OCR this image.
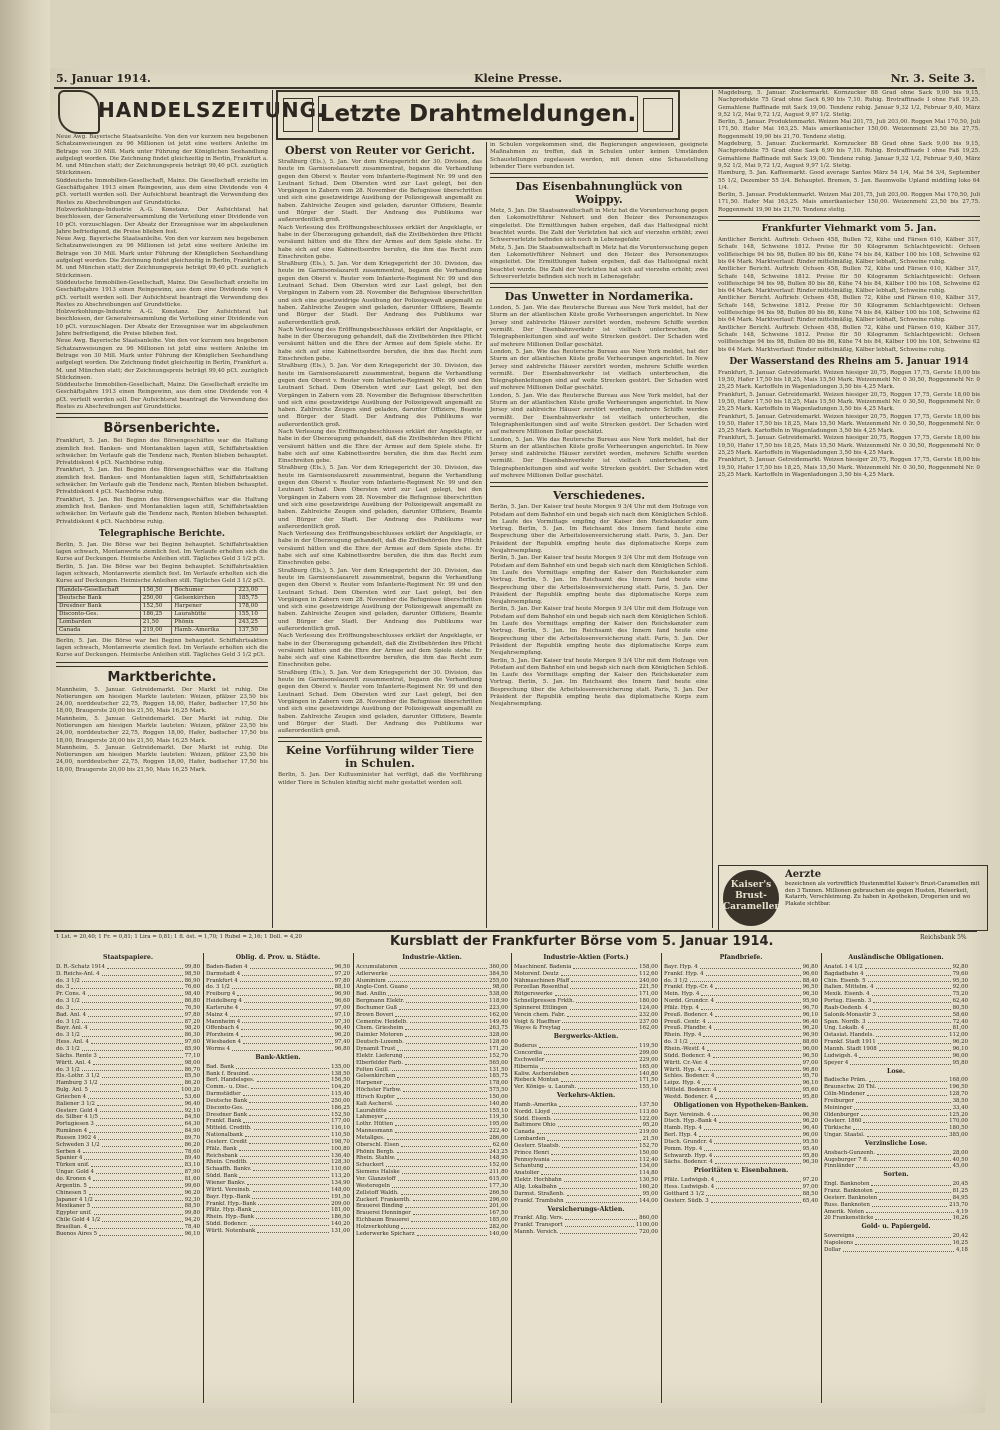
5. Januar 1914.	Kleine Presse.	Nr. 3. Seite 3.
HANDELSZEITUNG.
Neue Awg. Bayerische Staatsanleihe. Von den vor kurzem neu begebenen Schatzanweisungen zu 96 Millionen ist jetzt eine weitere Anleihe im Betrage von 30 Mill. Mark unter Führung der Königlichen Seehandlung aufgelegt worden. Die Zeichnung findet gleichzeitig in Berlin, Frankfurt a. M. und München statt; der Zeichnungspreis beträgt 99,40 pCt. zuzüglich Stückzinsen.
Süddeutsche Immobilien-Gesellschaft, Mainz. Die Gesellschaft erzielte im Geschäftsjahre 1913 einen Reingewinn, aus dem eine Dividende von 4 pCt. verteilt werden soll. Der Aufsichtsrat beantragt die Verwendung des Restes zu Abschreibungen auf Grundstücke.
Holzverkohlungs-Industrie A.-G. Konstanz. Der Aufsichtsrat hat beschlossen, der Generalversammlung die Verteilung einer Dividende von 10 pCt. vorzuschlagen. Der Absatz der Erzeugnisse war im abgelaufenen Jahre befriedigend, die Preise blieben fest.
Neue Awg. Bayerische Staatsanleihe. Von den vor kurzem neu begebenen Schatzanweisungen zu 96 Millionen ist jetzt eine weitere Anleihe im Betrage von 30 Mill. Mark unter Führung der Königlichen Seehandlung aufgelegt worden. Die Zeichnung findet gleichzeitig in Berlin, Frankfurt a. M. und München statt; der Zeichnungspreis beträgt 99,40 pCt. zuzüglich Stückzinsen.
Süddeutsche Immobilien-Gesellschaft, Mainz. Die Gesellschaft erzielte im Geschäftsjahre 1913 einen Reingewinn, aus dem eine Dividende von 4 pCt. verteilt werden soll. Der Aufsichtsrat beantragt die Verwendung des Restes zu Abschreibungen auf Grundstücke.
Holzverkohlungs-Industrie A.-G. Konstanz. Der Aufsichtsrat hat beschlossen, der Generalversammlung die Verteilung einer Dividende von 10 pCt. vorzuschlagen. Der Absatz der Erzeugnisse war im abgelaufenen Jahre befriedigend, die Preise blieben fest.
Neue Awg. Bayerische Staatsanleihe. Von den vor kurzem neu begebenen Schatzanweisungen zu 96 Millionen ist jetzt eine weitere Anleihe im Betrage von 30 Mill. Mark unter Führung der Königlichen Seehandlung aufgelegt worden. Die Zeichnung findet gleichzeitig in Berlin, Frankfurt a. M. und München statt; der Zeichnungspreis beträgt 99,40 pCt. zuzüglich Stückzinsen.
Süddeutsche Immobilien-Gesellschaft, Mainz. Die Gesellschaft erzielte im Geschäftsjahre 1913 einen Reingewinn, aus dem eine Dividende von 4 pCt. verteilt werden soll. Der Aufsichtsrat beantragt die Verwendung des Restes zu Abschreibungen auf Grundstücke.
Börsenberichte.
Frankfurt, 5. Jan. Bei Beginn des Börsengeschäftes war die Haltung ziemlich fest. Banken- und Montanaktien lagen still, Schiffahrtsaktien schwächer. Im Verlaufe gab die Tendenz nach, Renten blieben behauptet. Privatdiskont 4 pCt. Nachbörse ruhig.
Frankfurt, 5. Jan. Bei Beginn des Börsengeschäftes war die Haltung ziemlich fest. Banken- und Montanaktien lagen still, Schiffahrtsaktien schwächer. Im Verlaufe gab die Tendenz nach, Renten blieben behauptet. Privatdiskont 4 pCt. Nachbörse ruhig.
Frankfurt, 5. Jan. Bei Beginn des Börsengeschäftes war die Haltung ziemlich fest. Banken- und Montanaktien lagen still, Schiffahrtsaktien schwächer. Im Verlaufe gab die Tendenz nach, Renten blieben behauptet. Privatdiskont 4 pCt. Nachbörse ruhig.
Telegraphische Berichte.
Berlin, 5. Jan. Die Börse war bei Beginn behauptet. Schiffahrtsaktien lagen schwach, Montanwerte ziemlich fest. Im Verlaufe erholten sich die Kurse auf Deckungen. Heimische Anleihen still. Tägliches Geld 3 1/2 pCt.
Berlin, 5. Jan. Die Börse war bei Beginn behauptet. Schiffahrtsaktien lagen schwach, Montanwerte ziemlich fest. Im Verlaufe erholten sich die Kurse auf Deckungen. Heimische Anleihen still. Tägliches Geld 3 1/2 pCt.
Handels-Gesellschaft	156,50	Bochumer	223,00
Deutsche Bank	250,00	Gelsenkirchen	185,75
Dresdner Bank	152,50	Harpener	178,00
Disconto-Ges.	186,25	Laurahütte	155,10
Lombarden	21,50	Phönix	243,25
Canada	219,00	Hamb.-Amerika	137,50
Berlin, 5. Jan. Die Börse war bei Beginn behauptet. Schiffahrtsaktien lagen schwach, Montanwerte ziemlich fest. Im Verlaufe erholten sich die Kurse auf Deckungen. Heimische Anleihen still. Tägliches Geld 3 1/2 pCt.
Marktberichte.
Mannheim, 5. Januar. Getreidemarkt. Der Markt ist ruhig. Die Notierungen am hiesigen Markte lauteten: Weizen, pfälzer 23,50 bis 24,00, norddeutscher 22,75, Roggen 18,00, Hafer, badischer 17,50 bis 18,00, Braugerste 20,00 bis 21,50, Mais 16,25 Mark.
Mannheim, 5. Januar. Getreidemarkt. Der Markt ist ruhig. Die Notierungen am hiesigen Markte lauteten: Weizen, pfälzer 23,50 bis 24,00, norddeutscher 22,75, Roggen 18,00, Hafer, badischer 17,50 bis 18,00, Braugerste 20,00 bis 21,50, Mais 16,25 Mark.
Mannheim, 5. Januar. Getreidemarkt. Der Markt ist ruhig. Die Notierungen am hiesigen Markte lauteten: Weizen, pfälzer 23,50 bis 24,00, norddeutscher 22,75, Roggen 18,00, Hafer, badischer 17,50 bis 18,00, Braugerste 20,00 bis 21,50, Mais 16,25 Mark.
Letzte Drahtmeldungen.
Oberst von Reuter vor Gericht.
Straßburg (Els.), 5. Jan. Vor dem Kriegsgericht der 30. Division, das heute im Garnisonslazarett zusammentrat, begann die Verhandlung gegen den Oberst v. Reuter vom Infanterie-Regiment Nr. 99 und den Leutnant Schad. Dem Obersten wird zur Last gelegt, bei den Vorgängen in Zabern vom 28. November die Befugnisse überschritten und sich eine gesetzwidrige Ausübung der Polizeigewalt angemaßt zu haben. Zahlreiche Zeugen sind geladen, darunter Offiziere, Beamte und Bürger der Stadt. Der Andrang des Publikums war außerordentlich groß.
Nach Verlesung des Eröffnungsbeschlusses erklärt der Angeklagte, er habe in der Überzeugung gehandelt, daß die Zivilbehörden ihre Pflicht versäumt hätten und die Ehre der Armee auf dem Spiele stehe. Er habe sich auf eine Kabinettsordre berufen, die ihm das Recht zum Einschreiten gebe.
Straßburg (Els.), 5. Jan. Vor dem Kriegsgericht der 30. Division, das heute im Garnisonslazarett zusammentrat, begann die Verhandlung gegen den Oberst v. Reuter vom Infanterie-Regiment Nr. 99 und den Leutnant Schad. Dem Obersten wird zur Last gelegt, bei den Vorgängen in Zabern vom 28. November die Befugnisse überschritten und sich eine gesetzwidrige Ausübung der Polizeigewalt angemaßt zu haben. Zahlreiche Zeugen sind geladen, darunter Offiziere, Beamte und Bürger der Stadt. Der Andrang des Publikums war außerordentlich groß.
Nach Verlesung des Eröffnungsbeschlusses erklärt der Angeklagte, er habe in der Überzeugung gehandelt, daß die Zivilbehörden ihre Pflicht versäumt hätten und die Ehre der Armee auf dem Spiele stehe. Er habe sich auf eine Kabinettsordre berufen, die ihm das Recht zum Einschreiten gebe.
Straßburg (Els.), 5. Jan. Vor dem Kriegsgericht der 30. Division, das heute im Garnisonslazarett zusammentrat, begann die Verhandlung gegen den Oberst v. Reuter vom Infanterie-Regiment Nr. 99 und den Leutnant Schad. Dem Obersten wird zur Last gelegt, bei den Vorgängen in Zabern vom 28. November die Befugnisse überschritten und sich eine gesetzwidrige Ausübung der Polizeigewalt angemaßt zu haben. Zahlreiche Zeugen sind geladen, darunter Offiziere, Beamte und Bürger der Stadt. Der Andrang des Publikums war außerordentlich groß.
Nach Verlesung des Eröffnungsbeschlusses erklärt der Angeklagte, er habe in der Überzeugung gehandelt, daß die Zivilbehörden ihre Pflicht versäumt hätten und die Ehre der Armee auf dem Spiele stehe. Er habe sich auf eine Kabinettsordre berufen, die ihm das Recht zum Einschreiten gebe.
Straßburg (Els.), 5. Jan. Vor dem Kriegsgericht der 30. Division, das heute im Garnisonslazarett zusammentrat, begann die Verhandlung gegen den Oberst v. Reuter vom Infanterie-Regiment Nr. 99 und den Leutnant Schad. Dem Obersten wird zur Last gelegt, bei den Vorgängen in Zabern vom 28. November die Befugnisse überschritten und sich eine gesetzwidrige Ausübung der Polizeigewalt angemaßt zu haben. Zahlreiche Zeugen sind geladen, darunter Offiziere, Beamte und Bürger der Stadt. Der Andrang des Publikums war außerordentlich groß.
Nach Verlesung des Eröffnungsbeschlusses erklärt der Angeklagte, er habe in der Überzeugung gehandelt, daß die Zivilbehörden ihre Pflicht versäumt hätten und die Ehre der Armee auf dem Spiele stehe. Er habe sich auf eine Kabinettsordre berufen, die ihm das Recht zum Einschreiten gebe.
Straßburg (Els.), 5. Jan. Vor dem Kriegsgericht der 30. Division, das heute im Garnisonslazarett zusammentrat, begann die Verhandlung gegen den Oberst v. Reuter vom Infanterie-Regiment Nr. 99 und den Leutnant Schad. Dem Obersten wird zur Last gelegt, bei den Vorgängen in Zabern vom 28. November die Befugnisse überschritten und sich eine gesetzwidrige Ausübung der Polizeigewalt angemaßt zu haben. Zahlreiche Zeugen sind geladen, darunter Offiziere, Beamte und Bürger der Stadt. Der Andrang des Publikums war außerordentlich groß.
Nach Verlesung des Eröffnungsbeschlusses erklärt der Angeklagte, er habe in der Überzeugung gehandelt, daß die Zivilbehörden ihre Pflicht versäumt hätten und die Ehre der Armee auf dem Spiele stehe. Er habe sich auf eine Kabinettsordre berufen, die ihm das Recht zum Einschreiten gebe.
Straßburg (Els.), 5. Jan. Vor dem Kriegsgericht der 30. Division, das heute im Garnisonslazarett zusammentrat, begann die Verhandlung gegen den Oberst v. Reuter vom Infanterie-Regiment Nr. 99 und den Leutnant Schad. Dem Obersten wird zur Last gelegt, bei den Vorgängen in Zabern vom 28. November die Befugnisse überschritten und sich eine gesetzwidrige Ausübung der Polizeigewalt angemaßt zu haben. Zahlreiche Zeugen sind geladen, darunter Offiziere, Beamte und Bürger der Stadt. Der Andrang des Publikums war außerordentlich groß.
Keine Vorführung wilder Tiere in Schulen.
Berlin, 5. Jan. Der Kultusminister hat verfügt, daß die Vorführung wilder Tiere in Schulen künftig nicht mehr gestattet werden soll.
in Schulen vorgekommen sind, die Regierungen angewiesen, geeignete Maßnahmen zu treffen, daß in Schulen unter keinen Umständen Schaustellungen zugelassen werden, mit denen eine Schaustellung lebender Tiere verbunden ist.
Das Eisenbahnunglück von Woippy.
Metz, 5. Jan. Die Staatsanwaltschaft in Metz hat die Voruntersuchung gegen den Lokomotivführer Nehnert und den Heizer des Personenzuges eingeleitet. Die Ermittlungen haben ergeben, daß das Haltesignal nicht beachtet wurde. Die Zahl der Verletzten hat sich auf vierzehn erhöht; zwei Schwerverletzte befinden sich noch in Lebensgefahr.
Metz, 5. Jan. Die Staatsanwaltschaft in Metz hat die Voruntersuchung gegen den Lokomotivführer Nehnert und den Heizer des Personenzuges eingeleitet. Die Ermittlungen haben ergeben, daß das Haltesignal nicht beachtet wurde. Die Zahl der Verletzten hat sich auf vierzehn erhöht; zwei Schwerverletzte befinden sich noch in Lebensgefahr.
Das Unwetter in Nordamerika.
London, 5. Jan. Wie das Reutersche Bureau aus New York meldet, hat der Sturm an der atlantischen Küste große Verheerungen angerichtet. In New Jersey sind zahlreiche Häuser zerstört worden, mehrere Schiffe werden vermißt. Der Eisenbahnverkehr ist vielfach unterbrochen, die Telegraphenleitungen sind auf weite Strecken gestört. Der Schaden wird auf mehrere Millionen Dollar geschätzt.
London, 5. Jan. Wie das Reutersche Bureau aus New York meldet, hat der Sturm an der atlantischen Küste große Verheerungen angerichtet. In New Jersey sind zahlreiche Häuser zerstört worden, mehrere Schiffe werden vermißt. Der Eisenbahnverkehr ist vielfach unterbrochen, die Telegraphenleitungen sind auf weite Strecken gestört. Der Schaden wird auf mehrere Millionen Dollar geschätzt.
London, 5. Jan. Wie das Reutersche Bureau aus New York meldet, hat der Sturm an der atlantischen Küste große Verheerungen angerichtet. In New Jersey sind zahlreiche Häuser zerstört worden, mehrere Schiffe werden vermißt. Der Eisenbahnverkehr ist vielfach unterbrochen, die Telegraphenleitungen sind auf weite Strecken gestört. Der Schaden wird auf mehrere Millionen Dollar geschätzt.
London, 5. Jan. Wie das Reutersche Bureau aus New York meldet, hat der Sturm an der atlantischen Küste große Verheerungen angerichtet. In New Jersey sind zahlreiche Häuser zerstört worden, mehrere Schiffe werden vermißt. Der Eisenbahnverkehr ist vielfach unterbrochen, die Telegraphenleitungen sind auf weite Strecken gestört. Der Schaden wird auf mehrere Millionen Dollar geschätzt.
Verschiedenes.
Berlin, 5. Jan. Der Kaiser traf heute Morgen 9 3/4 Uhr mit dem Hofzuge von Potsdam auf dem Bahnhof ein und begab sich nach dem Königlichen Schloß. Im Laufe des Vormittags empfing der Kaiser den Reichskanzler zum Vortrag. Berlin, 5. Jan. Im Reichsamt des Innern fand heute eine Besprechung über die Arbeitslosenversicherung statt. Paris, 5. Jan. Der Präsident der Republik empfing heute das diplomatische Korps zum Neujahrsempfang.
Berlin, 5. Jan. Der Kaiser traf heute Morgen 9 3/4 Uhr mit dem Hofzuge von Potsdam auf dem Bahnhof ein und begab sich nach dem Königlichen Schloß. Im Laufe des Vormittags empfing der Kaiser den Reichskanzler zum Vortrag. Berlin, 5. Jan. Im Reichsamt des Innern fand heute eine Besprechung über die Arbeitslosenversicherung statt. Paris, 5. Jan. Der Präsident der Republik empfing heute das diplomatische Korps zum Neujahrsempfang.
Berlin, 5. Jan. Der Kaiser traf heute Morgen 9 3/4 Uhr mit dem Hofzuge von Potsdam auf dem Bahnhof ein und begab sich nach dem Königlichen Schloß. Im Laufe des Vormittags empfing der Kaiser den Reichskanzler zum Vortrag. Berlin, 5. Jan. Im Reichsamt des Innern fand heute eine Besprechung über die Arbeitslosenversicherung statt. Paris, 5. Jan. Der Präsident der Republik empfing heute das diplomatische Korps zum Neujahrsempfang.
Berlin, 5. Jan. Der Kaiser traf heute Morgen 9 3/4 Uhr mit dem Hofzuge von Potsdam auf dem Bahnhof ein und begab sich nach dem Königlichen Schloß. Im Laufe des Vormittags empfing der Kaiser den Reichskanzler zum Vortrag. Berlin, 5. Jan. Im Reichsamt des Innern fand heute eine Besprechung über die Arbeitslosenversicherung statt. Paris, 5. Jan. Der Präsident der Republik empfing heute das diplomatische Korps zum Neujahrsempfang.
Magdeburg, 5. Januar. Zuckermarkt. Kornzucker 88 Grad ohne Sack 9,00 bis 9,15, Nachprodukte 75 Grad ohne Sack 6,90 bis 7,10. Ruhig. Brotraffinade I ohne Faß 19,25. Gemahlene Raffinade mit Sack 19,00. Tendenz ruhig. Januar 9,32 1/2, Februar 9,40, März 9,52 1/2, Mai 9,72 1/2, August 9,97 1/2. Stetig.
Berlin, 5. Januar. Produktenmarkt. Weizen Mai 201,75, Juli 203,00. Roggen Mai 170,50, Juli 171,50. Hafer Mai 163,25. Mais amerikanischer 150,00. Weizenmehl 23,50 bis 27,75. Roggenmehl 19,90 bis 21,70. Tendenz stetig.
Magdeburg, 5. Januar. Zuckermarkt. Kornzucker 88 Grad ohne Sack 9,00 bis 9,15, Nachprodukte 75 Grad ohne Sack 6,90 bis 7,10. Ruhig. Brotraffinade I ohne Faß 19,25. Gemahlene Raffinade mit Sack 19,00. Tendenz ruhig. Januar 9,32 1/2, Februar 9,40, März 9,52 1/2, Mai 9,72 1/2, August 9,97 1/2. Stetig.
Hamburg, 5. Jan. Kaffeemarkt. Good average Santos März 54 1/4, Mai 54 3/4, September 55 1/2, Dezember 55 3/4. Behauptet. Bremen, 5. Jan. Baumwolle Upland middling loko 64 1/4.
Berlin, 5. Januar. Produktenmarkt. Weizen Mai 201,75, Juli 203,00. Roggen Mai 170,50, Juli 171,50. Hafer Mai 163,25. Mais amerikanischer 150,00. Weizenmehl 23,50 bis 27,75. Roggenmehl 19,90 bis 21,70. Tendenz stetig.
Frankfurter Viehmarkt vom 5. Jan.
Amtlicher Bericht. Auftrieb: Ochsen 458, Bullen 72, Kühe und Färsen 610, Kälber 317, Schafe 148, Schweine 1812. Preise für 50 Kilogramm Schlachtgewicht: Ochsen vollfleischige 94 bis 98, Bullen 80 bis 86, Kühe 74 bis 84, Kälber 100 bis 108, Schweine 62 bis 64 Mark. Marktverlauf: Rinder mittelmäßig, Kälber lebhaft, Schweine ruhig.
Amtlicher Bericht. Auftrieb: Ochsen 458, Bullen 72, Kühe und Färsen 610, Kälber 317, Schafe 148, Schweine 1812. Preise für 50 Kilogramm Schlachtgewicht: Ochsen vollfleischige 94 bis 98, Bullen 80 bis 86, Kühe 74 bis 84, Kälber 100 bis 108, Schweine 62 bis 64 Mark. Marktverlauf: Rinder mittelmäßig, Kälber lebhaft, Schweine ruhig.
Amtlicher Bericht. Auftrieb: Ochsen 458, Bullen 72, Kühe und Färsen 610, Kälber 317, Schafe 148, Schweine 1812. Preise für 50 Kilogramm Schlachtgewicht: Ochsen vollfleischige 94 bis 98, Bullen 80 bis 86, Kühe 74 bis 84, Kälber 100 bis 108, Schweine 62 bis 64 Mark. Marktverlauf: Rinder mittelmäßig, Kälber lebhaft, Schweine ruhig.
Amtlicher Bericht. Auftrieb: Ochsen 458, Bullen 72, Kühe und Färsen 610, Kälber 317, Schafe 148, Schweine 1812. Preise für 50 Kilogramm Schlachtgewicht: Ochsen vollfleischige 94 bis 98, Bullen 80 bis 86, Kühe 74 bis 84, Kälber 100 bis 108, Schweine 62 bis 64 Mark. Marktverlauf: Rinder mittelmäßig, Kälber lebhaft, Schweine ruhig.
Der Wasserstand des Rheins am 5. Januar 1914
Frankfurt, 5. Januar. Getreidemarkt. Weizen hiesiger 20,75, Roggen 17,75, Gerste 18,00 bis 19,50, Hafer 17,50 bis 18,25, Mais 15,50 Mark. Weizenmehl Nr. 0 30,50, Roggenmehl Nr. 0 25,25 Mark. Kartoffeln in Wagenladungen 3,50 bis 4,25 Mark.
Frankfurt, 5. Januar. Getreidemarkt. Weizen hiesiger 20,75, Roggen 17,75, Gerste 18,00 bis 19,50, Hafer 17,50 bis 18,25, Mais 15,50 Mark. Weizenmehl Nr. 0 30,50, Roggenmehl Nr. 0 25,25 Mark. Kartoffeln in Wagenladungen 3,50 bis 4,25 Mark.
Frankfurt, 5. Januar. Getreidemarkt. Weizen hiesiger 20,75, Roggen 17,75, Gerste 18,00 bis 19,50, Hafer 17,50 bis 18,25, Mais 15,50 Mark. Weizenmehl Nr. 0 30,50, Roggenmehl Nr. 0 25,25 Mark. Kartoffeln in Wagenladungen 3,50 bis 4,25 Mark.
Frankfurt, 5. Januar. Getreidemarkt. Weizen hiesiger 20,75, Roggen 17,75, Gerste 18,00 bis 19,50, Hafer 17,50 bis 18,25, Mais 15,50 Mark. Weizenmehl Nr. 0 30,50, Roggenmehl Nr. 0 25,25 Mark. Kartoffeln in Wagenladungen 3,50 bis 4,25 Mark.
Frankfurt, 5. Januar. Getreidemarkt. Weizen hiesiger 20,75, Roggen 17,75, Gerste 18,00 bis 19,50, Hafer 17,50 bis 18,25, Mais 15,50 Mark. Weizenmehl Nr. 0 30,50, Roggenmehl Nr. 0 25,25 Mark. Kartoffeln in Wagenladungen 3,50 bis 4,25 Mark.
Kaiser's Brust-Caramellen
Aerzte
bezeichnen als vortrefflich Hustenmittel Kaiser's Brust-Caramellen mit den 3 Tannen. Millionen gebrauchen sie gegen Husten, Heiserkeit, Katarrh, Verschleimung. Zu haben in Apotheken, Drogerien und wo Plakate sichtbar.
1 Lst. = 20,40; 1 Fr. = 0,81; 1 Lira = 0,81; 1 fl. öst. = 1,70; 1 Rubel = 2,16; 1 Doll. = 4,20	Kursblatt der Frankfurter Börse vom 5. Januar 1914.	Reichsbank 5%
Staatspapiere.
D. R.-Schatz 1914	99,80
D. Reichs-Anl. 4	98,50
do. 3 1/2	86,90
do. 3	76,60
Pr. Cons. 4	98,40
do. 3 1/2	86,80
do. 3	76,50
Bad. Anl. 4	97,80
do. 3 1/2	87,20
Bayr. Anl. 4	98,20
do. 3 1/2	86,30
Hess. Anl. 4	97,60
do. 3 1/2	85,90
Sächs. Rente 3	77,10
Württ. Anl. 4	98,00
do. 3 1/2	86,70
Els.-Lothr. 3 1/2	85,50
Hamburg 3 1/2	86,20
Bulg. Anl. 5	100,20
Griechen 4	53,60
Italiener 3 1/2	96,40
Oesterr. Gold 4	92,10
do. Silber 4 1/5	84,50
Portugiesen 3	64,30
Rumänen 4	84,90
Russen 1902 4	89,70
Schweden 3 1/2	86,20
Serben 4	78,60
Spanier 4	89,40
Türken unif.	83,10
Ungar. Gold 4	87,90
do. Kronen 4	81,60
Argentin. 5	99,60
Chinesen 5	96,20
Japaner 4 1/2	92,30
Mexikaner 5	88,50
Egypter unif.	99,80
Chile Gold 4 1/2	94,20
Brasilian. 4	78,40
Buenos Aires 5	96,10
Oblig. d. Prov. u. Städte.
Baden-Baden 4	96,50
Darmstadt 4	97,20
Frankfurt 4	97,80
do. 3 1/2	88,10
Freiburg 4	96,90
Heidelberg 4	96,60
Karlsruhe 4	97,00
Mainz 4	97,10
Mannheim 4	97,30
Offenbach 4	96,40
Pforzheim 4	96,20
Wiesbaden 4	97,40
Worms 4	96,80
Bank-Aktien.
Bad. Bank	135,00
Bank f. Brauind.	138,50
Berl. Handelsges.	156,50
Comm.- u. Disc.	104,20
Darmstädter	115,40
Deutsche Bank	250,00
Disconto-Ges.	186,25
Dresdner Bank	152,50
Frankf. Bank	177,00
Mitteld. Creditb.	116,10
Nationalbank	110,50
Oesterr. Credit	198,70
Pfälz. Bank	100,80
Reichsbank	136,40
Rhein. Creditb.	128,30
Schaaffh. Bankv.	110,60
Südd. Bank	113,20
Wiener Bankv.	134,90
Württ. Vereinsb.	148,00
Bayr. Hyp.-Bank	191,50
Frankf. Hyp.-Bank	209,00
Pfälz. Hyp.-Bank	181,00
Rhein. Hyp.-Bank	186,50
Südd. Bodencr.	140,20
Württ. Notenbank	131,00
Industrie-Aktien.
Accumulatoren	360,00
Adlerwerke	384,50
Aluminium	255,00
Anglo-Cont. Guano	98,00
Bad. Anilin	538,00
Bergmann Elektr.	118,90
Bochumer Guß	223,00
Brown Boveri	162,00
Cementw. Heidelb.	149,40
Chem. Griesheim	263,75
Daimler Motoren	328,00
Deutsch-Luxemb.	128,60
Dynamit Trust	171,20
Elektr. Lieferung	152,70
Elberfelder Farb.	565,00
Felten Guill.	131,50
Gelsenkirchen	185,75
Harpener	178,00
Höchster Farbw.	575,50
Hirsch Kupfer	150,00
Kali Aschersl.	140,80
Laurahütte	155,10
Lahmeyer	119,30
Lothr. Hütten	195,00
Mannesmann	222,40
Metallges.	286,00
Oberschl. Eisen	62,60
Phönix Bergb.	243,25
Rhein. Stahlw.	148,90
Schuckert	152,00
Siemens Halske	211,80
Ver. Glanzstoff	615,00
Westeregeln	177,30
Zellstoff Waldh.	266,50
Zuckerf. Frankenth.	296,00
Brauerei Binding	201,00
Brauerei Henninger	167,50
Eichbaum Brauerei	185,00
Holzverkohlung	282,00
Lederwerke Spicharz	140,00
Industrie-Aktien (Forts.)
Maschinenf. Badenia	158,00
Motorenf. Deutz	112,60
Nähmaschinen Pfaff	240,00
Porzellan Rosenthal	221,50
Rütgerswerke	171,00
Schnellpressen Frkth.	180,00
Spinnerei Ettlingen	124,00
Verein chem. Fabr.	232,00
Voigt & Haeffner	237,00
Wayss & Freytag	162,00
Bergwerks-Aktien.
Buderus	119,50
Concordia	299,00
Eschweiler	229,00
Hibernia	165,00
Kaliw. Aschersleben	140,80
Riebeck Montan	171,50
Ver. Königs- u. Laurah.	155,10
Verkehrs-Aktien.
Hamb.-Amerika	137,50
Nordd. Lloyd	113,60
Südd. Eisenb.	122,00
Baltimore Ohio	95,20
Canada	219,00
Lombarden	21,50
Oesterr. Staatsb.	152,70
Prince Henri	150,00
Pennsylvania	112,40
Schantung	134,00
Anatolier	114,80
Elektr. Hochbahn	130,50
Allg. Lokalbahn	160,20
Darmst. Straßenb.	95,00
Frankf. Trambahn	144,00
Versicherungs-Aktien.
Frankf. Allg. Vers.	860,00
Frankf. Transport	1100,00
Mannh. Versich.	720,00
Pfandbriefe.
Bayr. Hyp. 4	96,80
Frankf. Hyp. 4	96,60
do. 3 1/2	88,40
Frankf. Hyp.-Cr. 4	96,50
Mein. Hyp. 4	96,30
Nordd. Grundcr. 4	95,90
Pfälz. Hyp. 4	96,70
Preuß. Bodencr. 4	96,10
Preuß. Centr. 4	96,40
Preuß. Pfandbr. 4	96,20
Rhein. Hyp. 4	96,90
do. 3 1/2	88,60
Rhein.-Westf. 4	96,00
Südd. Bodencr. 4	96,50
Württ. Cr.-Ver. 4	97,00
Württ. Hyp. 4	96,80
Schles. Bodencr. 4	95,70
Leipz. Hyp. 4	96,10
Mitteld. Bodencr. 4	95,60
Westd. Bodencr. 4	95,80
Obligationen von Hypotheken-Banken.
Bayr. Vereinsb. 4	96,90
Dtsch. Hyp.-Bank 4	96,20
Hamb. Hyp. 4	96,40
Berl. Hyp. 4	96,00
Dtsch. Grundcr. 4	95,50
Pomm. Hyp. 4	95,40
Schwarzb. Hyp. 4	95,80
Sächs. Bodencr. 4	96,30
Prioritäten v. Eisenbahnen.
Pfälz. Ludwigsb. 4	97,20
Hess. Ludwigsb. 4	97,00
Gotthard 3 1/2	88,50
Oesterr. Südb. 3	65,40
Ausländische Obligationen.
Anatol. I 4 1/2	92,80
Bagdadbahn 4	79,60
Chin. Eisenb. 5	95,30
Italien. Mittelm. 4	92,00
Mexik. Eisenb. 4	75,20
Portug. Eisenb. 3	62,40
Raab-Oedenb. 4	80,50
Salonik-Monastir 3	58,60
Span. Nordb. 3	72,40
Ung. Lokalb. 4	81,00
Ostasiat. Handels.	112,00
Frankf. Stadt 1911	96,20
Mannh. Stadt 1908	96,10
Ludwigsh. 4	96,00
Speyer 4	95,80
Lose.
Badische Präm.	168,00
Braunschw. 20 Thl.	196,50
Cöln-Mindener	128,70
Freiburger	38,50
Meininger	33,40
Oldenburger	125,20
Oesterr. 1860	170,00
Türkische	180,50
Ungar. Staatsl.	385,00
Verzinsliche Lose.
Ansbach-Gunzenh.	28,00
Augsburger 7 fl.	40,50
Finnländer	45,00
Sorten.
Engl. Banknoten	20,45
Franz. Banknoten	81,25
Oesterr. Banknoten	84,95
Russ. Banknoten	215,70
Amerik. Noten	4,19
20 Frankenstücke	16,26
Gold- u. Papiergeld.
Sovereigns	20,42
Napoleons	16,25
Dollar	4,18
